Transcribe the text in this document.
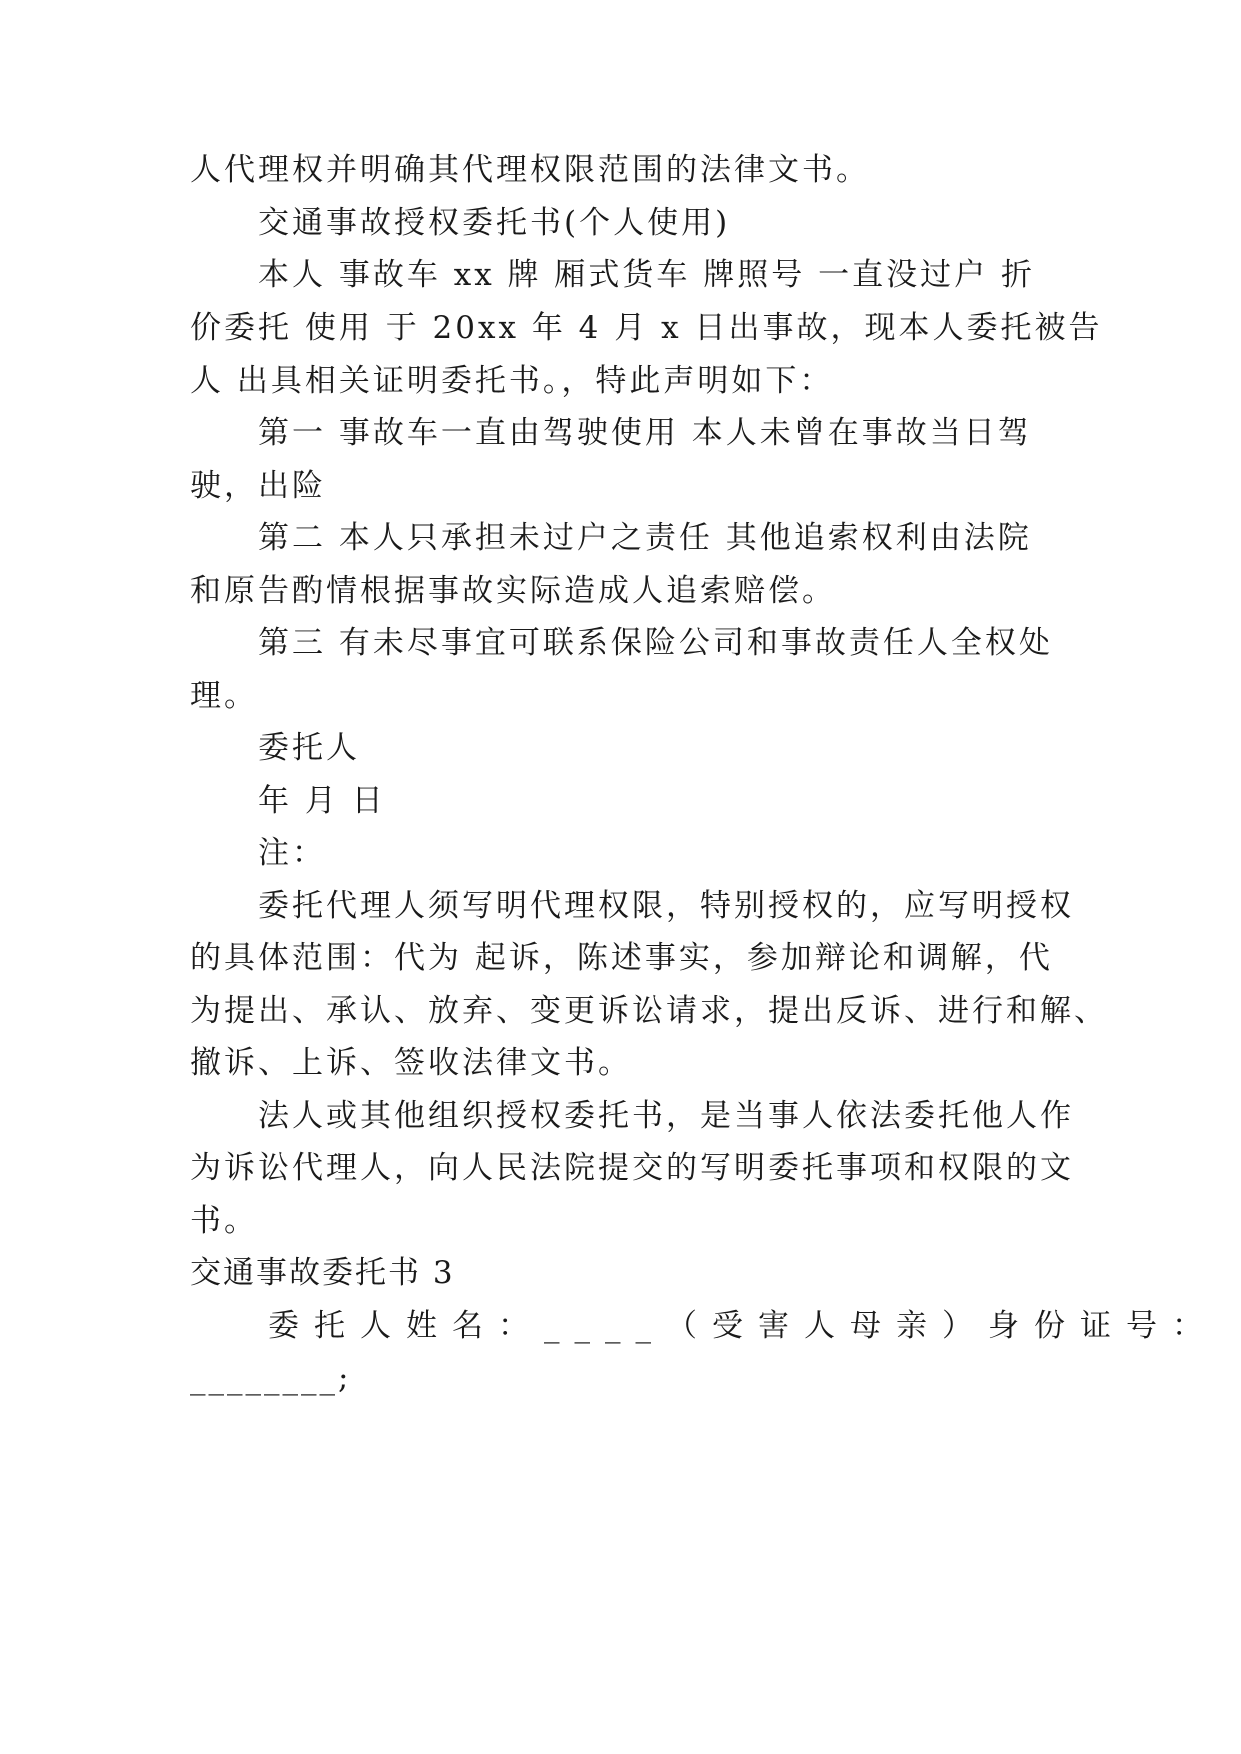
人代理权并明确其代理权限范围的法律文书。
交通事故授权委托书(个人使用)
本人 事故车 xx 牌 厢式货车 牌照号 一直没过户 折
价委托 使用 于 20xx 年 4 月 x 日出事故，现本人委托被告
人 出具相关证明委托书。，特此声明如下：
第一 事故车一直由驾驶使用 本人未曾在事故当日驾
驶，出险
第二 本人只承担未过户之责任 其他追索权利由法院
和原告酌情根据事故实际造成人追索赔偿。
第三 有未尽事宜可联系保险公司和事故责任人全权处
理。
委托人
年 月 日
注：
委托代理人须写明代理权限，特别授权的，应写明授权
的具体范围：代为 起诉，陈述事实，参加辩论和调解，代
为提出、承认、放弃、变更诉讼请求，提出反诉、进行和解、
撤诉、上诉、签收法律文书。
法人或其他组织授权委托书，是当事人依法委托他人作
为诉讼代理人，向人民法院提交的写明委托事项和权限的文
书。
交通事故委托书 3
委托人姓名：____（受害人母亲）身份证号：
________;
